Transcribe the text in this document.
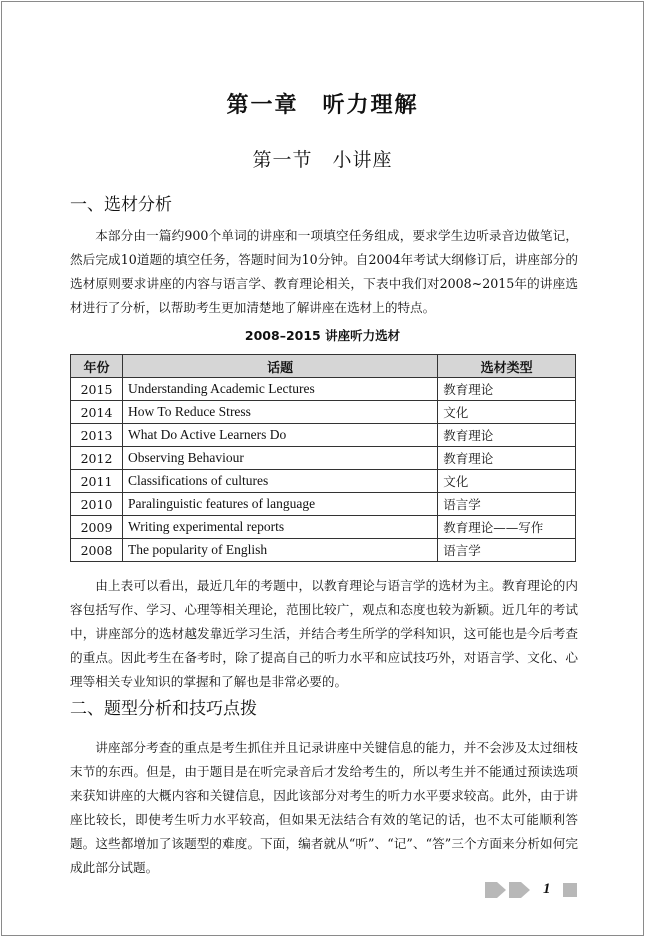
第一章　听力理解
第一节　小讲座
一、选材分析

本部分由一篇约900个单词的讲座和一项填空任务组成，要求学生边听录音边做笔记，然后完成10道题的填空任务，答题时间为10分钟。自2004年考试大纲修订后，讲座部分的选材原则要求讲座的内容与语言学、教育理论相关，下表中我们对2008~2015年的讲座选材进行了分析，以帮助考生更加清楚地了解讲座在选材上的特点。

2008–2015 讲座听力选材
年份	话题	选材类型
2015	Understanding Academic Lectures	教育理论
2014	How To Reduce Stress	文化
2013	What Do Active Learners Do	教育理论
2012	Observing Behaviour	教育理论
2011	Classifications of cultures	文化
2010	Paralinguistic features of language	语言学
2009	Writing experimental reports	教育理论——写作
2008	The popularity of English	语言学

由上表可以看出，最近几年的考题中，以教育理论与语言学的选材为主。教育理论的内容包括写作、学习、心理等相关理论，范围比较广，观点和态度也较为新颖。近几年的考试中，讲座部分的选材越发靠近学习生活，并结合考生所学的学科知识，这可能也是今后考查的重点。因此考生在备考时，除了提高自己的听力水平和应试技巧外，对语言学、文化、心理等相关专业知识的掌握和了解也是非常必要的。

二、题型分析和技巧点拨

讲座部分考查的重点是考生抓住并且记录讲座中关键信息的能力，并不会涉及太过细枝末节的东西。但是，由于题目是在听完录音后才发给考生的，所以考生并不能通过预读选项来获知讲座的大概内容和关键信息，因此该部分对考生的听力水平要求较高。此外，由于讲座比较长，即使考生听力水平较高，但如果无法结合有效的笔记的话，也不太可能顺利答题。这些都增加了该题型的难度。下面，编者就从“听”、“记”、“答”三个方面来分析如何完成此部分试题。

1
